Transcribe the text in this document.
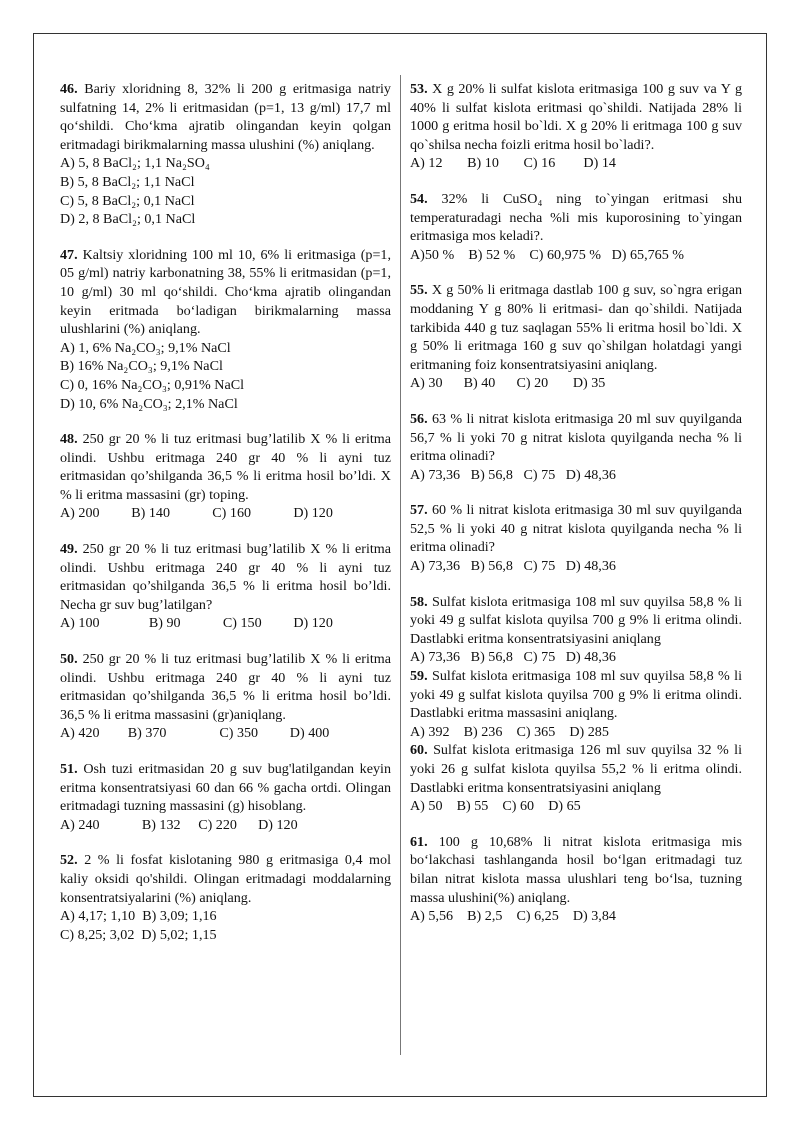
46. Bariy xloridning 8, 32% li 200 g eritmasiga natriy sulfatning 14, 2% li eritmasidan (p=1, 13 g/ml) 17,7 ml qo‘shildi. Cho‘kma ajratib olingandan keyin qolgan eritmadagi birikmalarning massa ulushini (%) aniqlang.
A) 5, 8 BaCl₂; 1,1 Na₂SO₄
B) 5, 8 BaCl₂; 1,1 NaCl
C) 5, 8 BaCl₂; 0,1 NaCl
D) 2, 8 BaCl₂; 0,1 NaCl
47. Kaltsiy xloridning 100 ml 10, 6% li eritmasiga (p=1, 05 g/ml) natriy karbonatning 38, 55% li eritmasidan (p=1, 10 g/ml) 30 ml qo‘shildi. Cho‘kma ajratib olingandan keyin eritmada bo‘ladigan birikmalarning massa ulushlarini (%) aniqlang.
A) 1, 6% Na₂CO₃; 9,1% NaCl
B) 16% Na₂CO₃; 9,1% NaCl
C) 0, 16% Na₂CO₃; 0,91% NaCl
D) 10, 6% Na₂CO₃; 2,1% NaCl
48. 250 gr 20 % li tuz eritmasi bug’latilib X % li eritma olindi. Ushbu eritmaga 240 gr 40 % li ayni tuz eritmasidan qo’shilganda 36,5 % li eritma hosil bo’ldi. X % li eritma massasini (gr) toping.
A) 200         B) 140            C) 160            D) 120
49. 250 gr 20 % li tuz eritmasi bug’latilib X % li eritma olindi. Ushbu eritmaga 240 gr 40 % li ayni tuz eritmasidan qo’shilganda 36,5 % li eritma hosil bo’ldi. Necha gr suv bug’latilgan?
A) 100              B) 90            C) 150         D) 120
50. 250 gr 20 % li tuz eritmasi bug’latilib X % li eritma olindi. Ushbu eritmaga 240 gr 40 % li ayni tuz eritmasidan qo’shilganda 36,5 % li eritma hosil bo’ldi. 36,5 % li eritma massasini (gr)aniqlang.
A) 420        B) 370               C) 350         D) 400
51. Osh tuzi eritmasidan 20 g suv bug'latilgandan keyin eritma konsentratsiyasi 60 dan 66 % gacha ortdi. Olingan eritmadagi tuzning massasini (g) hisoblang.
A) 240            B) 132     C) 220      D) 120
52. 2 % li fosfat kislotaning 980 g eritmasiga 0,4 mol kaliy oksidi qo'shildi. Olingan eritmadagi moddalarning konsentratsiyalarini (%) aniqlang.
A) 4,17; 1,10  B) 3,09; 1,16
C) 8,25; 3,02  D) 5,02; 1,15
53. X g 20% li sulfat kislota eritmasiga 100 g suv va Y g 40% li sulfat kislota eritmasi qo`shildi. Natijada 28% li 1000 g eritma hosil bo`ldi. X g 20% li eritmaga 100 g suv qo`shilsa necha foizli eritma hosil bo`ladi?.
A) 12       B) 10       C) 16        D) 14
54. 32% li CuSO₄ ning to`yingan eritmasi shu temperaturadagi necha %li mis kuporosining to`yingan eritmasiga mos keladi?.
A)50 %    B) 52 %    C) 60,975 %   D) 65,765 %
55. X g 50% li eritmaga dastlab 100 g suv, so`ngra erigan moddaning Y g 80% li eritmasi- dan qo`shildi. Natijada tarkibida 440 g tuz saqlagan 55% li eritma hosil bo`ldi. X g 50% li eritmaga 160 g suv qo`shilgan holatdagi yangi eritmaning foiz konsentratsiyasini aniqlang.
A) 30      B) 40      C) 20       D) 35
56. 63 % li nitrat kislota eritmasiga 20 ml suv quyilganda 56,7 % li yoki 70 g nitrat kislota quyilganda necha % li eritma olinadi?
A) 73,36   B) 56,8   C) 75   D) 48,36
57. 60 % li nitrat kislota eritmasiga 30 ml suv quyilganda 52,5 % li yoki 40 g nitrat kislota quyilganda necha % li eritma olinadi?
A) 73,36   B) 56,8   C) 75   D) 48,36
58. Sulfat kislota eritmasiga 108 ml suv quyilsa 58,8 % li yoki 49 g sulfat kislota quyilsa 700 g 9% li eritma olindi. Dastlabki eritma konsentratsiyasini aniqlang
A) 73,36   B) 56,8   C) 75   D) 48,36
59. Sulfat kislota eritmasiga 108 ml suv quyilsa 58,8 % li yoki 49 g sulfat kislota quyilsa 700 g 9% li eritma olindi. Dastlabki eritma massasini aniqlang.
A) 392    B) 236    C) 365    D) 285
60. Sulfat kislota eritmasiga 126 ml suv quyilsa 32 % li yoki 26 g sulfat kislota quyilsa 55,2 % li eritma olindi. Dastlabki eritma konsentratsiyasini aniqlang
A) 50    B) 55    C) 60    D) 65
61. 100 g 10,68% li nitrat kislota eritmasiga mis bo‘lakchasi tashlanganda hosil bo‘lgan eritmadagi tuz bilan nitrat kislota massa ulushlari teng bo‘lsa, tuzning massa ulushini(%) aniqlang.
A) 5,56    B) 2,5    C) 6,25    D) 3,84
